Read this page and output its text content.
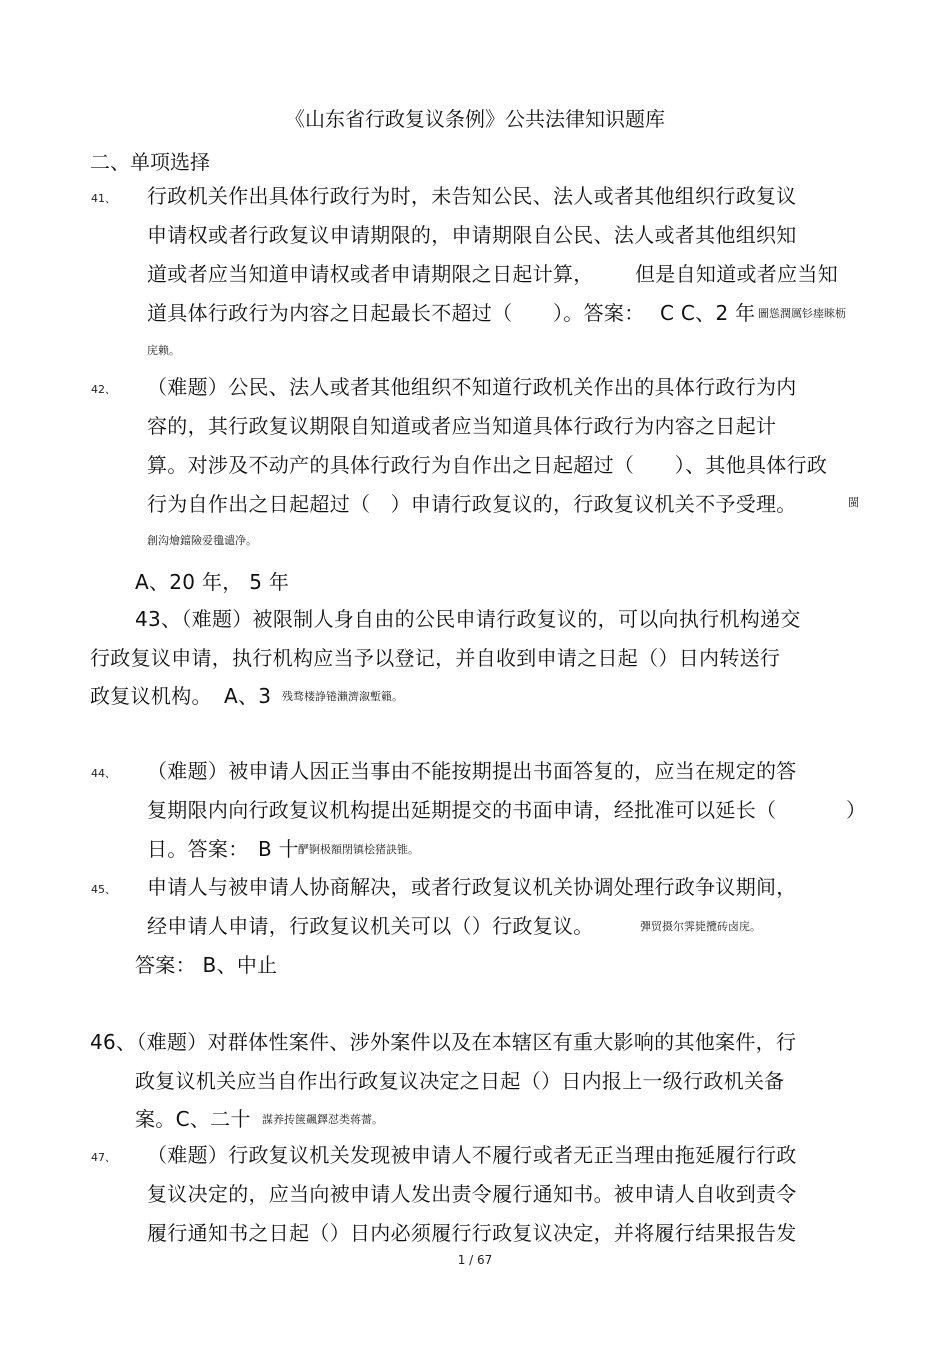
《山东省行政复议条例》公共法律知识题库
二、单项选择
41、 行政机关作出具体行政行为时，未告知公民、法人或者其他组织行政复议
申请权或者行政复议申请期限的，申请期限自公民、法人或者其他组织知
道或者应当知道申请权或者申请期限之日起计算， 但是自知道或者应当知
道具体行政行为内容之日起最长不超过（　　）。答案： C C、2 年 圖慫潤厲钐瘗睞枥
庑赖。
42、 （难题）公民、法人或者其他组织不知道行政机关作出的具体行政行为内
容的，其行政复议期限自知道或者应当知道具体行政行为内容之日起计
算。对涉及不动产的具体行政行为自作出之日起超过（　　）、其他具体行政
行为自作出之日起超过（　）申请行政复议的，行政复议机关不予受理。	閩
創沟燴鐺險爱氇谴净。
A、20 年， 5 年
43、（难题）被限制人身自由的公民申请行政复议的，可以向执行机构递交
行政复议申请，执行机构应当予以登记，并自收到申请之日起（）日内转送行
政复议机构。 A、3 残骛楼諍锩瀨濟溆塹籟。
44、 （难题）被申请人因正当事由不能按期提出书面答复的，应当在规定的答
复期限内向行政复议机构提出延期提交的书面申请，经批准可以延长（	）
日。答案： B 十 酽锕极額閉镇桧猪訣锥。
45、 申请人与被申请人协商解决，或者行政复议机关协调处理行政争议期间，
经申请人申请，行政复议机关可以（）行政复议。	彈贸摄尔霁毙攬砖卤庑。
答案： B、中止
46、（难题）对群体性案件、涉外案件以及在本辖区有重大影响的其他案件，行
政复议机关应当自作出行政复议决定之日起（）日内报上一级行政机关备
案。C、二十 謀养抟箧飆鐸怼类蒋薔。
47、 （难题）行政复议机关发现被申请人不履行或者无正当理由拖延履行行政
复议决定的，应当向被申请人发出责令履行通知书。被申请人自收到责令
履行通知书之日起（）日内必须履行行政复议决定，并将履行结果报告发
1 / 67
